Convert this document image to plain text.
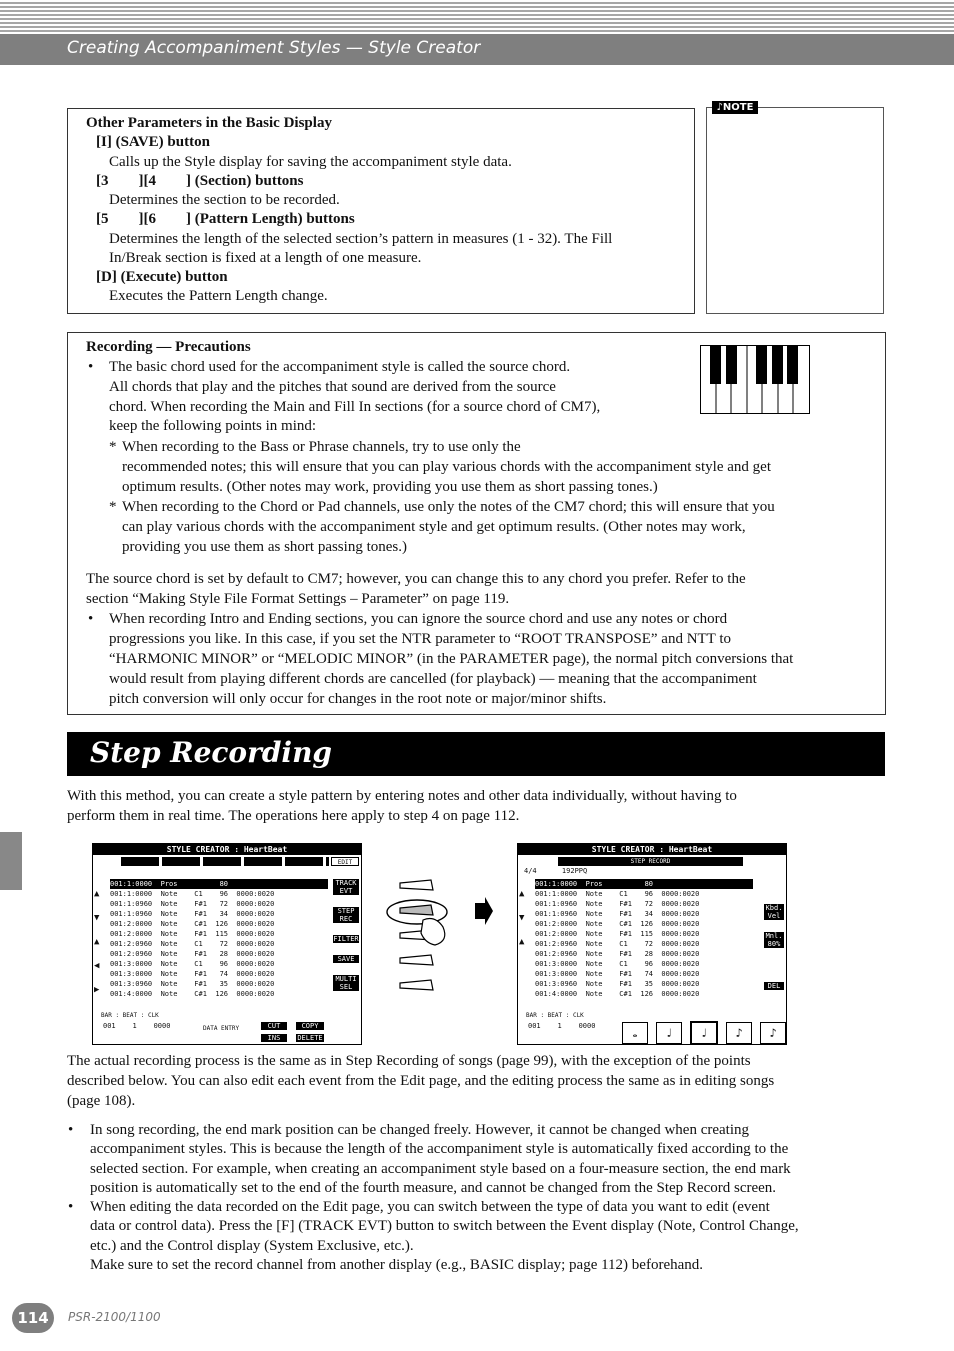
Creating Accompaniment Styles — Style Creator
Other Parameters in the Basic Display
[I] (SAVE) button
Calls up the Style display for saving the accompaniment style data.
[3        ][4        ] (Section) buttons
Determines the section to be recorded.
[5        ][6        ] (Pattern Length) buttons
Determines the length of the selected section’s pattern in measures (1 - 32). The Fill
In/Break section is fixed at a length of one measure.
[D] (Execute) button
Executes the Pattern Length change.
♪NOTE
Recording — Precautions
• The basic chord used for the accompaniment style is called the source chord.
All chords that play and the pitches that sound are derived from the source
chord. When recording the Main and Fill In sections (for a source chord of CM7),
keep the following points in mind:
* When recording to the Bass or Phrase channels, try to use only the
recommended notes; this will ensure that you can play various chords with the accompaniment style and get
optimum results. (Other notes may work, providing you use them as short passing tones.)
* When recording to the Chord or Pad channels, use only the notes of the CM7 chord; this will ensure that you
can play various chords with the accompaniment style and get optimum results. (Other notes may work,
providing you use them as short passing tones.)
The source chord is set by default to CM7; however, you can change this to any chord you prefer. Refer to the
section “Making Style File Format Settings – Parameter” on page 119.
• When recording Intro and Ending sections, you can ignore the source chord and use any notes or chord
progressions you like. In this case, if you set the NTR parameter to “ROOT TRANSPOSE” and NTT to
“HARMONIC MINOR” or “MELODIC MINOR” (in the PARAMETER page), the normal pitch conversions that
would result from playing different chords are cancelled (for playback) — meaning that the accompaniment
pitch conversion will only occur for changes in the root note or major/minor shifts.
Step Recording
With this method, you can create a style pattern by entering notes and other data individually, without having to
perform them in real time. The operations here apply to step 4 on page 112.
STYLE CREATOR : HeartBeat
EDIT
▲
▼
▲
◀
▶
001:1:0000  Pros          80
001:1:0000  Note    C1    96  0000:0020
001:1:0960  Note    F#1   72  0000:0020
001:1:0960  Note    F#1   34  0000:0020
001:2:0000  Note    C#1  126  0000:0020
001:2:0000  Note    F#1  115  0000:0020
001:2:0960  Note    C1    72  0000:0020
001:2:0960  Note    F#1   28  0000:0020
001:3:0000  Note    C1    96  0000:0020
001:3:0000  Note    F#1   74  0000:0020
001:3:0960  Note    F#1   35  0000:0020
001:4:0000  Note    C#1  126  0000:0020
TRACK EVT
STEP REC
FILTER
SAVE
MULTI SEL
BAR : BEAT : CLK
001    1    0000	DATA ENTRY	CUT	COPY
INS	DELETE
STYLE CREATOR : HeartBeat
STEP RECORD
4/4      192PPQ
▲
▼
▲
001:1:0000  Pros          80
001:1:0000  Note    C1    96  0000:0020
001:1:0960  Note    F#1   72  0000:0020
001:1:0960  Note    F#1   34  0000:0020
001:2:0000  Note    C#1  126  0000:0020
001:2:0000  Note    F#1  115  0000:0020
001:2:0960  Note    C1    72  0000:0020
001:2:0960  Note    F#1   28  0000:0020
001:3:0000  Note    C1    96  0000:0020
001:3:0000  Note    F#1   74  0000:0020
001:3:0960  Note    F#1   35  0000:0020
001:4:0000  Note    C#1  126  0000:0020
Kbd. Vel
Mnl. 80%
DEL
BAR : BEAT : CLK
001    1    0000	𝅝 ♩ ♩ ♪ ♪
The actual recording process is the same as in Step Recording of songs (page 99), with the exception of the points
described below. You can also edit each event from the Edit page, and the editing process the same as in editing songs
(page 108).
• In song recording, the end mark position can be changed freely. However, it cannot be changed when creating
accompaniment styles. This is because the length of the accompaniment style is automatically fixed according to the
selected section. For example, when creating an accompaniment style based on a four-measure section, the end mark
position is automatically set to the end of the fourth measure, and cannot be changed from the Step Record screen.
• When editing the data recorded on the Edit page, you can switch between the type of data you want to edit (event
data or control data). Press the [F] (TRACK EVT) button to switch between the Event display (Note, Control Change,
etc.) and the Control display (System Exclusive, etc.).
Make sure to set the record channel from another display (e.g., BASIC display; page 112) beforehand.
114	PSR-2100/1100
